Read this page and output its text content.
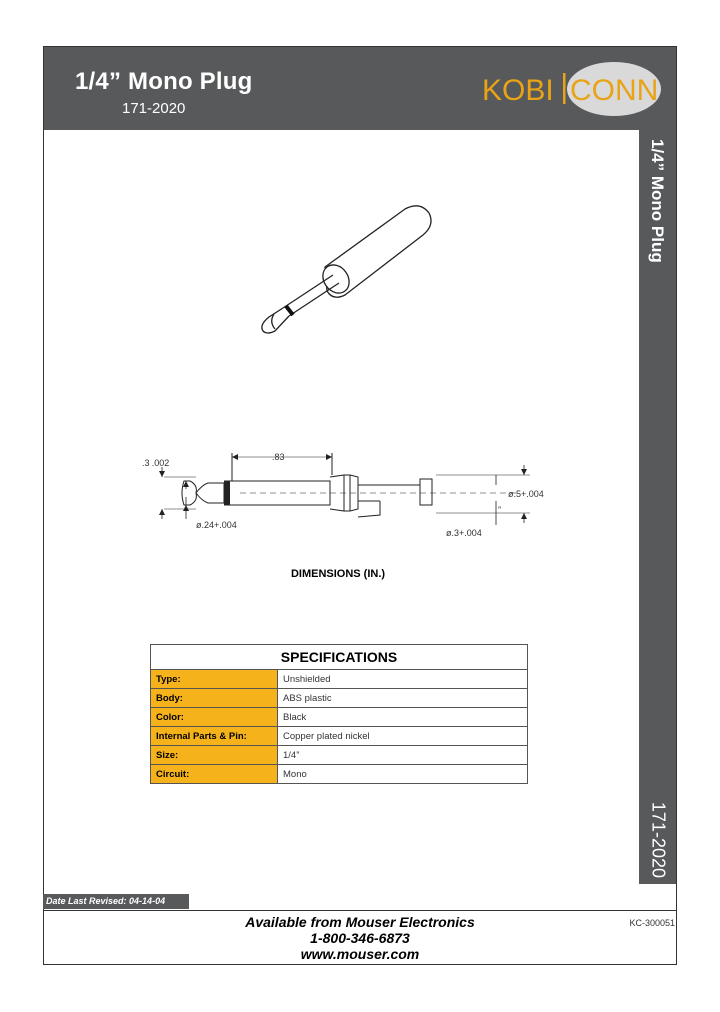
1/4” Mono Plug
171-2020
KOBI CONN
1/4” Mono Plug
171-2020
.3 .002
.83
ø.24+.004
ø.5+.004
ø.3+.004
”
DIMENSIONS (IN.)
SPECIFICATIONS	
Type:	Unshielded
Body:	ABS plastic
Color:	Black
Internal Parts & Pin:	Copper plated nickel
Size:	1/4”
Circuit:	Mono
Date Last Revised: 04-14-04
KC-300051
Available from Mouser Electronics
1-800-346-6873
www.mouser.com
